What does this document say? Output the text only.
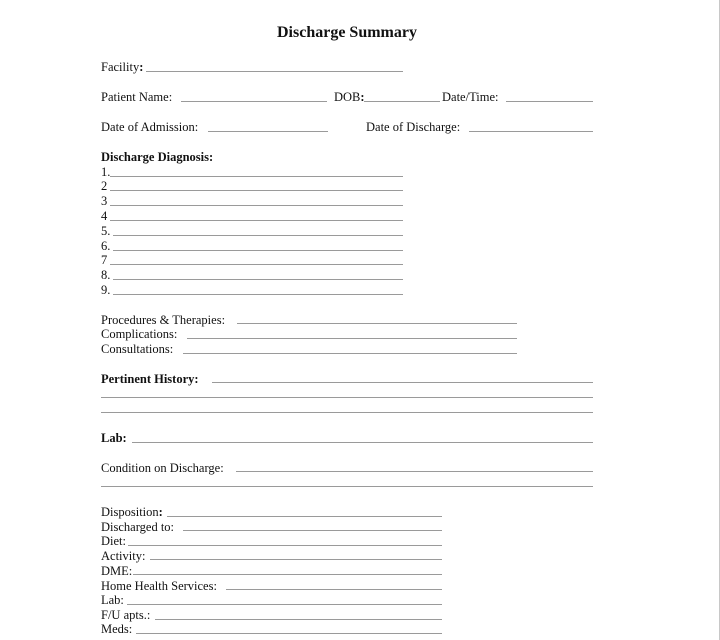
Discharge Summary
Facility:
Patient Name:	DOB:	Date/Time:
Date of Admission:	Date of Discharge:
Discharge Diagnosis:
1.
2
3
4
5.
6.
7
8.
9.
Procedures & Therapies:
Complications:
Consultations:
Pertinent History:
Lab:
Condition on Discharge:
Disposition:
Discharged to:
Diet:
Activity:
DME:
Home Health Services:
Lab:
F/U apts.:
Meds:
